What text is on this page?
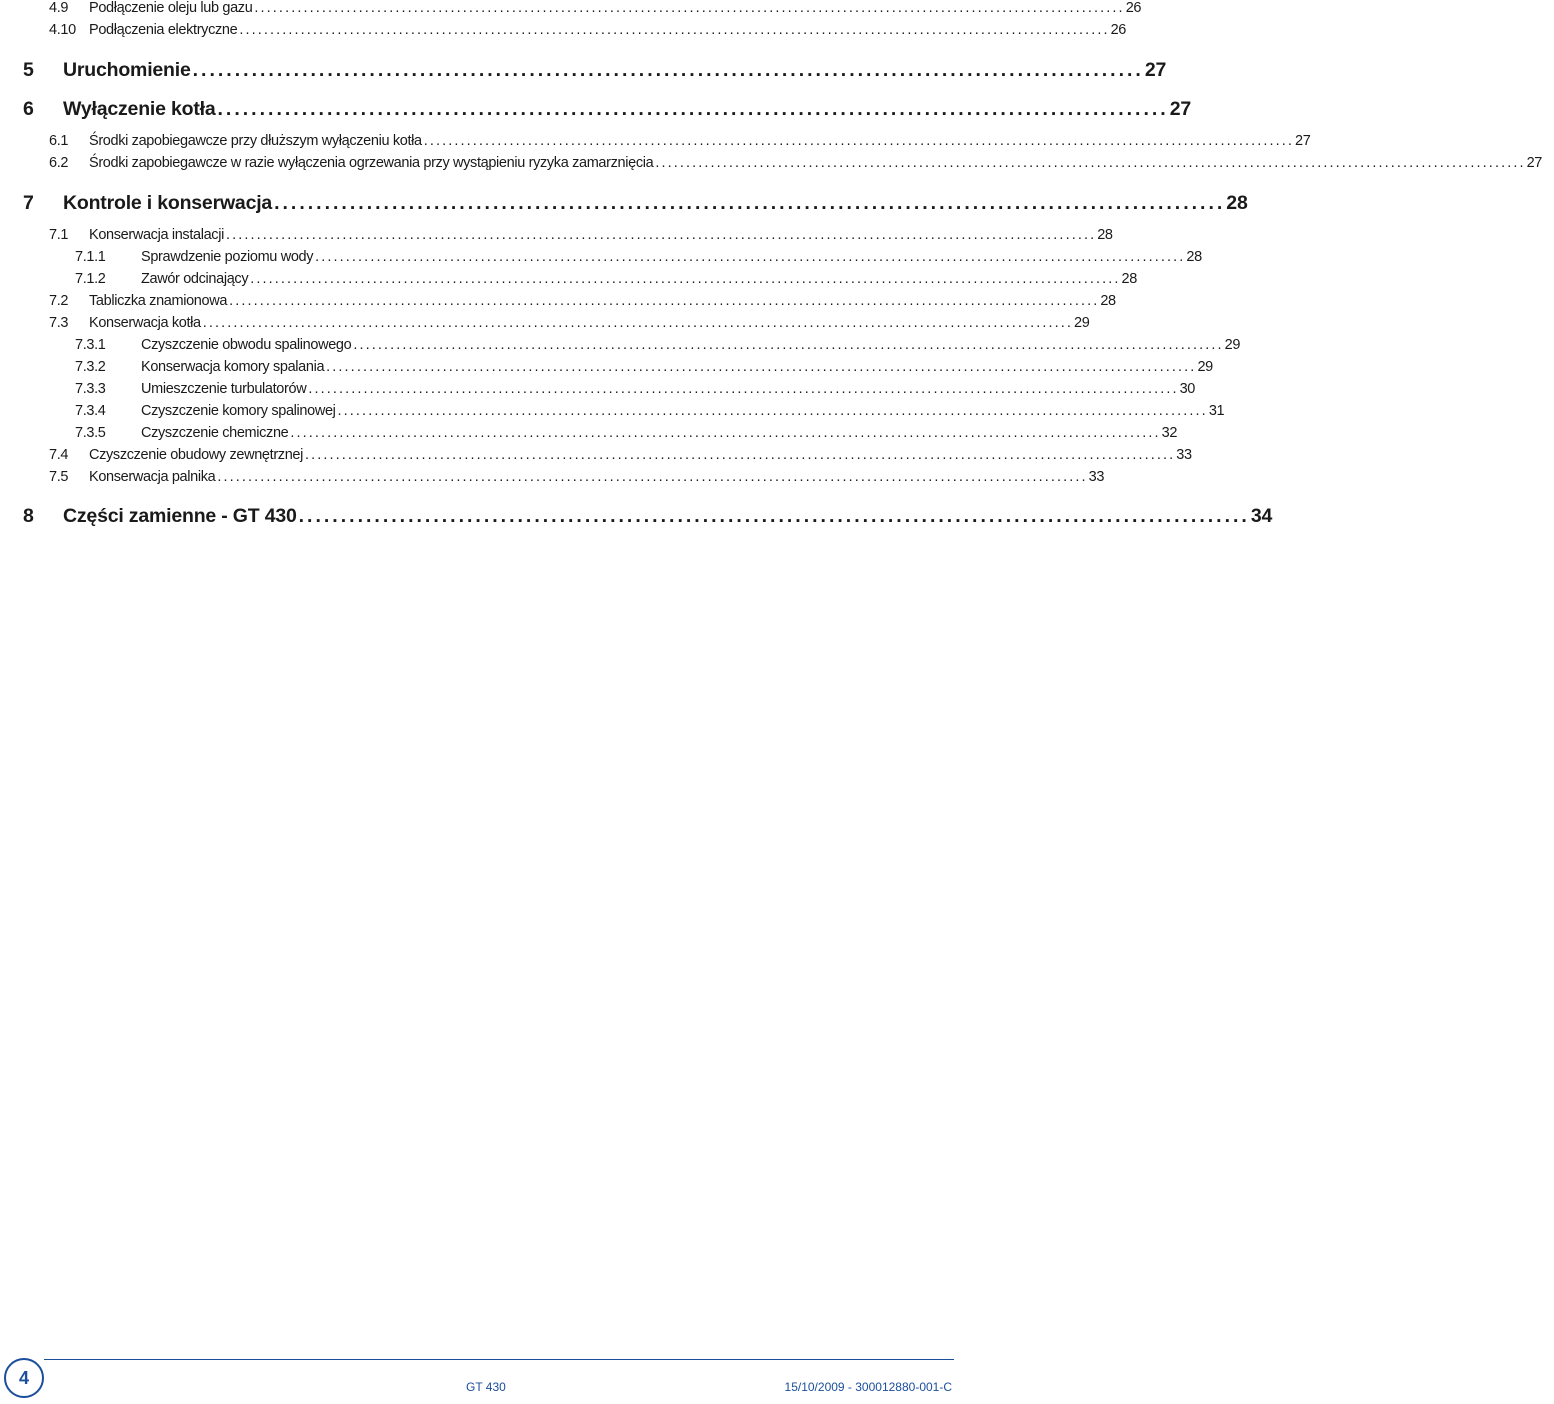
4.9	Podłączenie oleju lub gazu .............................................................................................................................................. 26
4.10 Podłączenia elektryczne .............................................................................................................................................. 26
5	Uruchomienie ................................................................................................................. 27
6	Wyłączenie kotła ................................................................................................................. 27
6.1	Środki zapobiegawcze przy dłuższym wyłączeniu kotła .............................................................................................................................................. 27
6.2	Środki zapobiegawcze w razie wyłączenia ogrzewania przy wystąpieniu ryzyka zamarznięcia .............................................................................................................................................. 27
7	Kontrole i konserwacja ................................................................................................................. 28
7.1	Konserwacja instalacji .............................................................................................................................................. 28
7.1.1	Sprawdzenie poziomu wody .............................................................................................................................................. 28
7.1.2	Zawór odcinający .............................................................................................................................................. 28
7.2	Tabliczka znamionowa .............................................................................................................................................. 28
7.3	Konserwacja kotła .............................................................................................................................................. 29
7.3.1	Czyszczenie obwodu spalinowego .............................................................................................................................................. 29
7.3.2	Konserwacja komory spalania .............................................................................................................................................. 29
7.3.3	Umieszczenie turbulatorów .............................................................................................................................................. 30
7.3.4	Czyszczenie komory spalinowej .............................................................................................................................................. 31
7.3.5	Czyszczenie chemiczne .............................................................................................................................................. 32
7.4	Czyszczenie obudowy zewnętrznej .............................................................................................................................................. 33
7.5	Konserwacja palnika .............................................................................................................................................. 33
8	Części zamienne - GT 430 ................................................................................................................. 34
4	GT 430	15/10/2009 - 300012880-001-C
